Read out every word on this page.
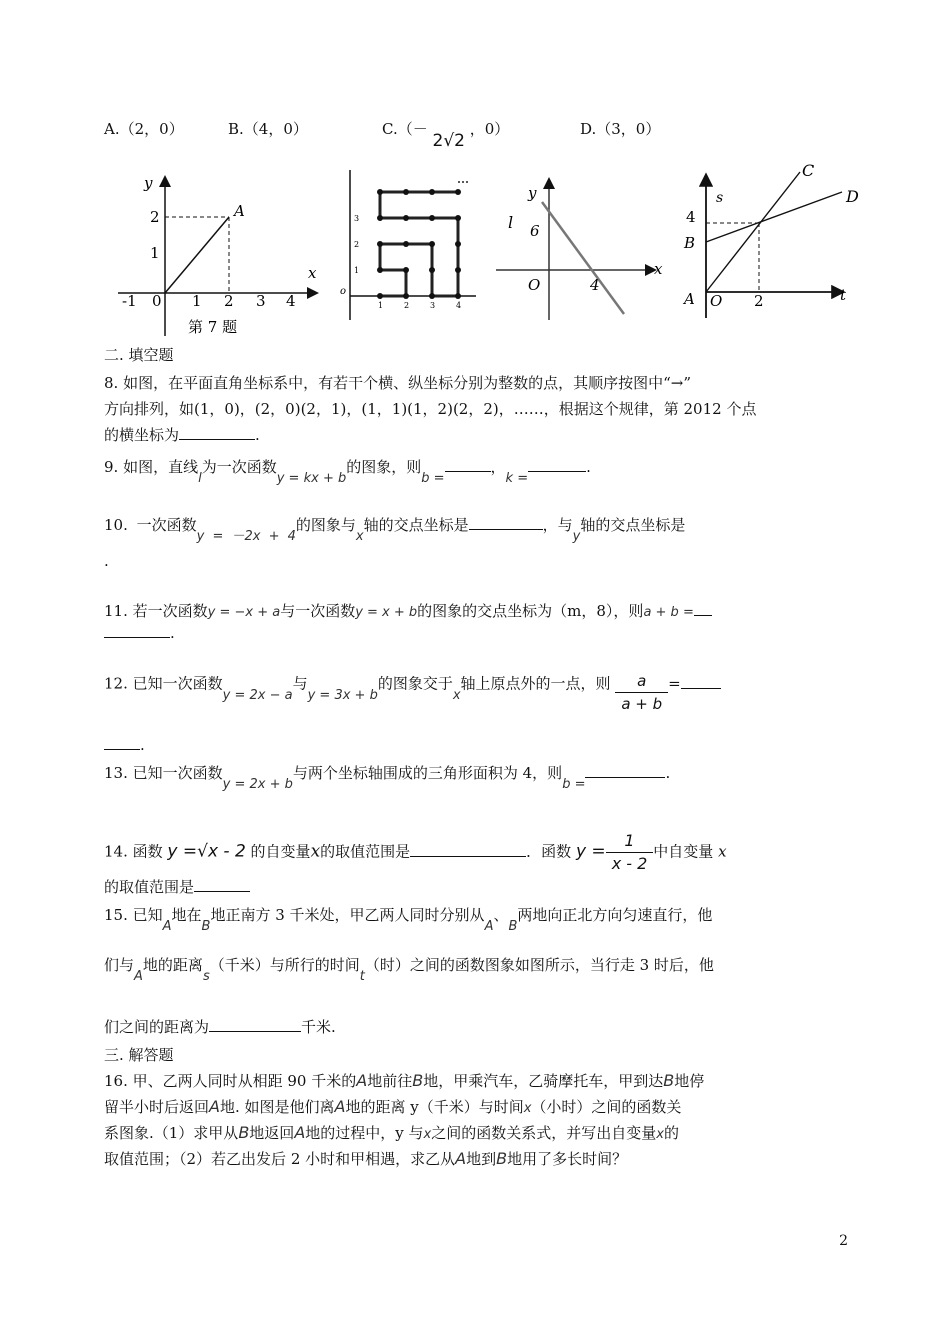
A.（2，0）	B.（4，0）	C.（－ 2√2 ，0）	D.（3，0）
y
x
A
2
1
-1 0 1 2 3 4
第 7 题
o
1
2
3
1	2	3	4
y
x
l 6
O	4
s
t
C
D
4
B
A O 2
二. 填空题
8. 如图，在平面直角坐标系中，有若干个横、纵坐标分别为整数的点，其顺序按图中“→”
方向排列，如(1，0)，(2，0)(2，1)，(1，1)(1，2)(2，2)，……，根据这个规律，第 2012 个点
的横坐标为	.
9. 如图，直线l为一次函数y = kx + b的图象，则b =，k =.
10. 一次函数y = －2x + 4的图象与x轴的交点坐标是	，与y轴的交点坐标是
.
11. 若一次函数y = −x + a与一次函数y = x + b的图象的交点坐标为（m，8），则a + b =
.
12. 已知一次函数y = 2x − a与y = 3x + b的图象交于x轴上原点外的一点，则 $\frac{a}{a + b}$ =
.
13. 已知一次函数y = 2x + b与两个坐标轴围成的三角形面积为 4，则b =.
14. 函数 y =√x - 2 的自变量x的取值范围是	．函数 $y = \frac{1}{x - 2}$ 中自变量 x
的取值范围是
15. 已知A地在B地正南方 3 千米处，甲乙两人同时分别从A、B两地向正北方向匀速直行，他
们与A地的距离s（千米）与所行的时间t（时）之间的函数图象如图所示，当行走 3 时后，他
们之间的距离为	千米.
三. 解答题
16. 甲、乙两人同时从相距 90 千米的A地前往B地，甲乘汽车，乙骑摩托车，甲到达B地停
留半小时后返回A地. 如图是他们离A地的距离 y（千米）与时间x（小时）之间的函数关
系图象.（1）求甲从B地返回A地的过程中，y 与x之间的函数关系式，并写出自变量x的
取值范围；（2）若乙出发后 2 小时和甲相遇，求乙从A地到B地用了多长时间？
2
